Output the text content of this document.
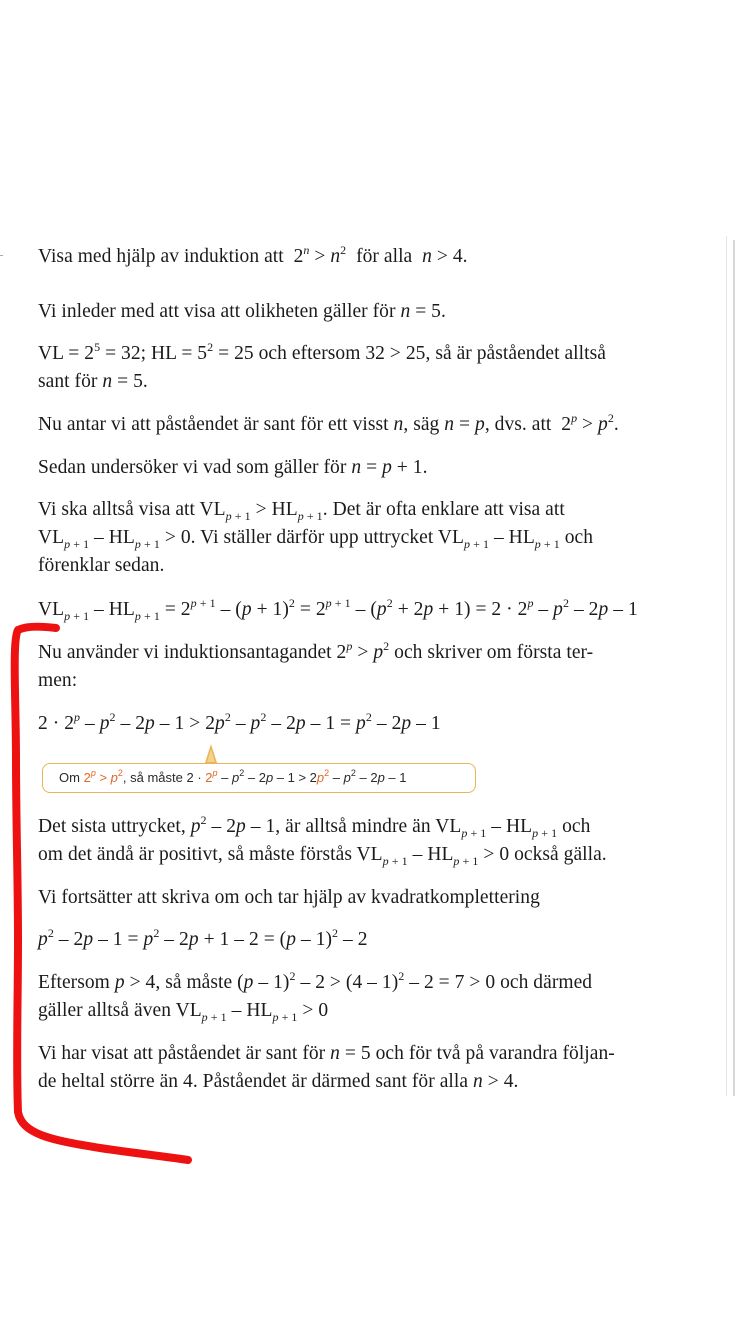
Visa med hjälp av induktion att  $2^n > n^2$ för alla n > 4.

Vi inleder med att visa att olikheten gäller för n = 5.

VL = $2^5 = 32$; HL = $5^2 = 25$ och eftersom 32 > 25, så är påståendet alltså

sant för n = 5.

Nu antar vi att påståendet är sant för ett visst n, säg n = p, dvs. att  $2^p > p^2$.

Sedan undersöker vi vad som gäller för n = p + 1.

Vi ska alltså visa att $VL_{p + 1} > HL_{p + 1}$. Det är ofta enklare att visa att

$VL_{p + 1} - HL_{p + 1} > 0$. Vi ställer därför upp uttrycket $VL_{p + 1} - HL_{p + 1}$ och

förenklar sedan.

$VL_{p + 1} - HL_{p + 1} = 2^{p + 1} - (p + 1)^2 = 2^{p + 1} - (p^2 + 2p + 1) = 2 \cdot 2^p - p^2 - 2p - 1$

Nu använder vi induktionsantagandet $2^p > p^2$ och skriver om första ter-

men:

$2 \cdot 2^p - p^2 - 2p - 1 > 2p^2 - p^2 - 2p - 1 = p^2 - 2p - 1$

Om $2^p > p^2$, så måste $2 \cdot 2^p - p^2 - 2p - 1 > 2p^2 - p^2 - 2p - 1$

Det sista uttrycket, $p^2 - 2p - 1$, är alltså mindre än $VL_{p + 1} - HL_{p + 1}$ och

om det ändå är positivt, så måste förstås $VL_{p + 1} - HL_{p + 1} > 0$ också gälla.

Vi fortsätter att skriva om och tar hjälp av kvadratkomplettering

$p^2 - 2p - 1 = p^2 - 2p + 1 - 2 = (p - 1)^2 - 2$

Eftersom p > 4, så måste (p – 1)$^2$ – 2 > (4 – 1)$^2$ – 2 = 7 > 0 och därmed

gäller alltså även $VL_{p + 1} - HL_{p + 1} > 0$

Vi har visat att påståendet är sant för n = 5 och för två på varandra följan-

de heltal större än 4. Påståendet är därmed sant för alla n > 4.
